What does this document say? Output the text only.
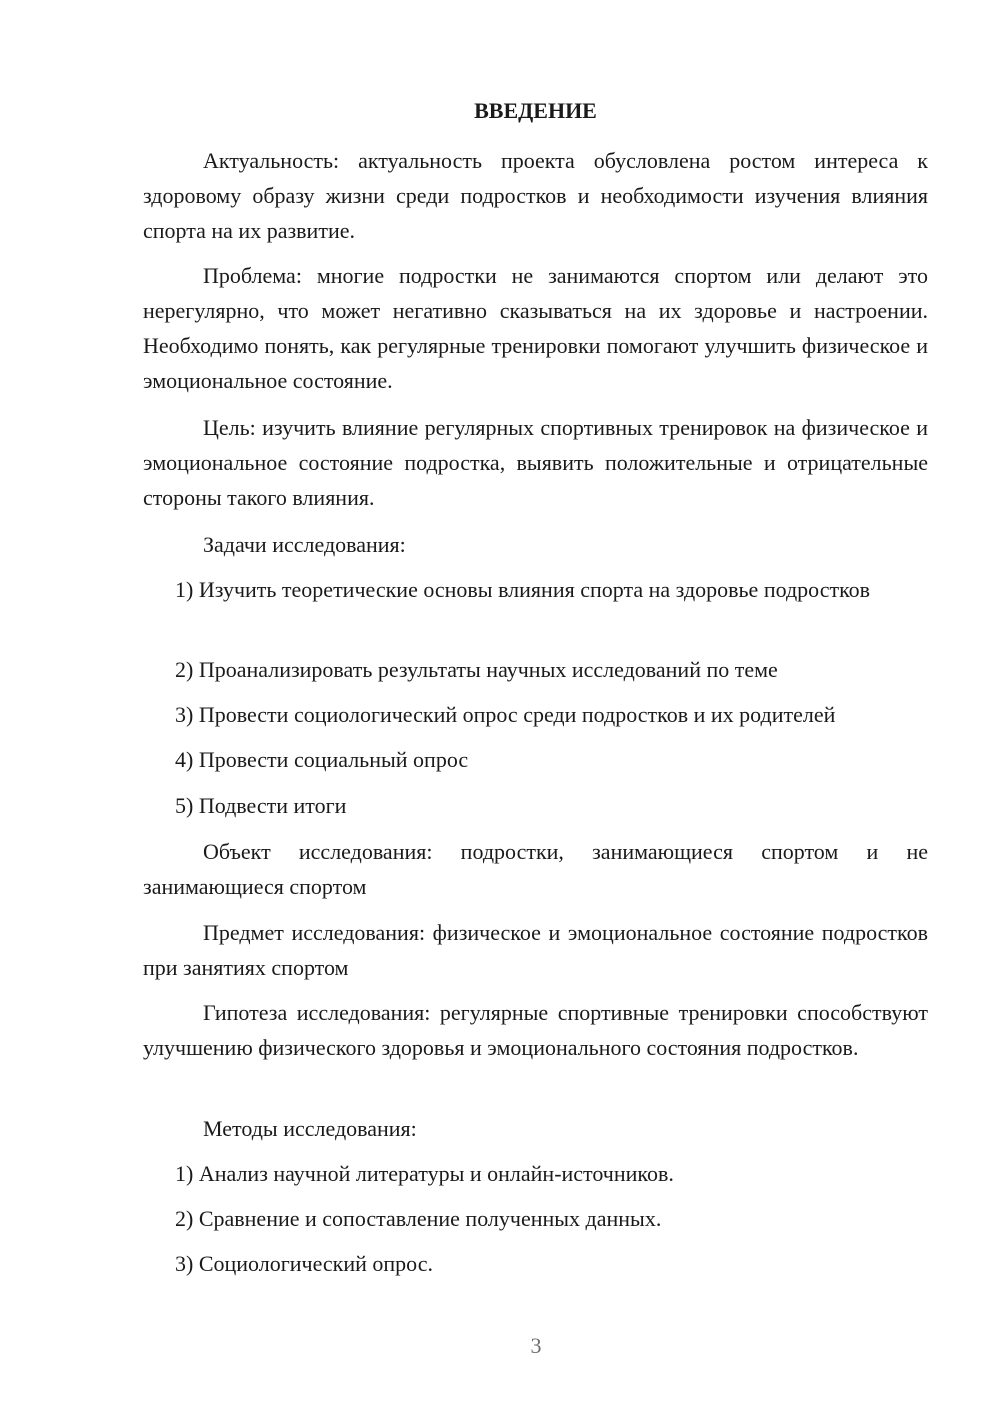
ВВЕДЕНИЕ

Актуальность: актуальность проекта обусловлена ростом интереса к здоровому образу жизни среди подростков и необходимости изучения влияния спорта на их развитие.

Проблема: многие подростки не занимаются спортом или делают это нерегулярно, что может негативно сказываться на их здоровье и настроении. Необходимо понять, как регулярные тренировки помогают улучшить физическое и эмоциональное состояние.

Цель: изучить влияние регулярных спортивных тренировок на физическое и эмоциональное состояние подростка, выявить положительные и отрицательные стороны такого влияния.

Задачи исследования:

1) Изучить теоретические основы влияния спорта на здоровье подростков

2) Проанализировать результаты научных исследований по теме

3) Провести социологический опрос среди подростков и их родителей

4) Провести социальный опрос

5) Подвести итоги

Объект исследования: подростки, занимающиеся спортом и не занимающиеся спортом

Предмет исследования: физическое и эмоциональное состояние подростков при занятиях спортом

Гипотеза исследования: регулярные спортивные тренировки способствуют улучшению физического здоровья и эмоционального состояния подростков.

Методы исследования:

1) Анализ научной литературы и онлайн-источников.

2) Сравнение и сопоставление полученных данных.

3) Социологический опрос.

3
